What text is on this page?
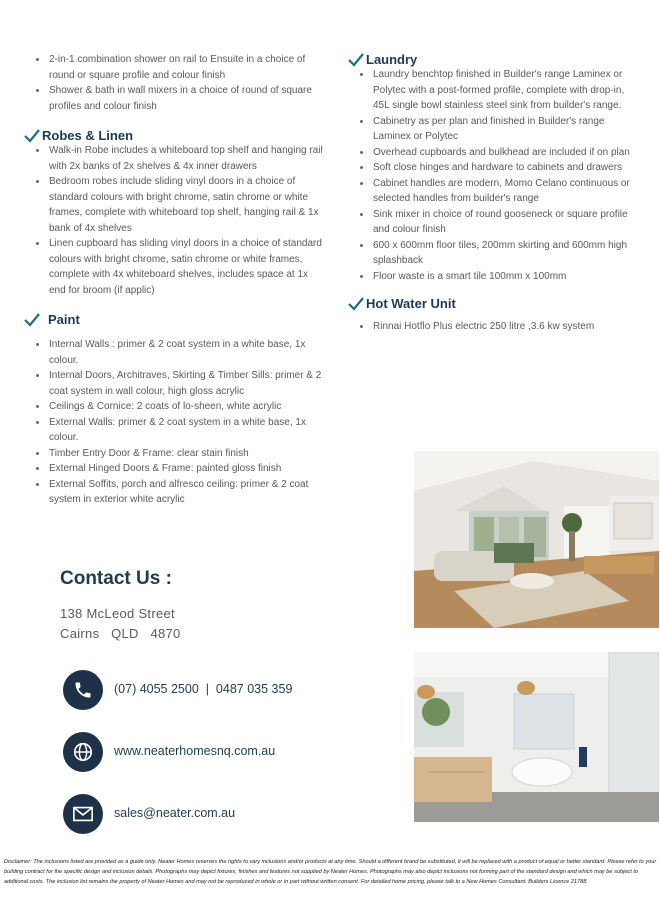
2-in-1 combination shower on rail to Ensuite in a choice of round or square profile and colour finish
Shower & bath in wall mixers in a choice of round of square profiles and colour finish
Robes & Linen
Walk-in Robe includes a whiteboard top shelf and hanging rail with 2x banks of 2x shelves & 4x inner drawers
Bedroom robes include sliding vinyl doors in a choice of standard colours with bright chrome, satin chrome or white frames, complete with whiteboard top shelf, hanging rail & 1x bank of 4x shelves
Linen cupboard has sliding vinyl doors in a choice of standard colours with bright chrome, satin chrome or white frames, complete with 4x whiteboard shelves, includes space at 1x end for broom (if applic)
Paint
Internal Walls : primer & 2 coat system in a white base, 1x colour.
Internal Doors, Architraves, Skirting & Timber Sills: primer & 2 coat system in wall colour, high gloss acrylic
Ceilings & Cornice: 2 coats of lo-sheen, white acrylic
External Walls: primer & 2 coat system in a white base, 1x colour.
Timber Entry Door & Frame: clear stain finish
External Hinged Doors & Frame: painted gloss finish
External Soffits, porch and alfresco ceiling: primer & 2 coat system in exterior white acrylic
Laundry
Laundry benchtop finished in Builder's range Laminex or Polytec with a post-formed profile, complete with drop-in, 45L single bowl stainless steel sink from builder's range.
Cabinetry as per plan and finished in Builder's range Laminex or Polytec
Overhead cupboards and bulkhead are included if on plan
Soft close hinges and hardware to cabinets and drawers
Cabinet handles are modern, Momo Celano continuous or selected handles from builder's range
Sink mixer in choice of round gooseneck or square profile and colour finish
600 x 600mm floor tiles, 200mm skirting and 600mm high splashback
Floor waste is a smart tile 100mm x 100mm
Hot Water Unit
Rinnai Hotflo Plus electric 250 litre ,3.6 kw system
Contact Us :
138 McLeod Street
Cairns   QLD   4870
(07) 4055 2500  |  0487 035 359
www.neaterhomesnq.com.au
sales@neater.com.au
Disclaimer: The inclusions listed are provided as a guide only. Neater Homes reserves the rights to vary inclusions and/or products at any time. Should a different brand be substituted, it will be replaced with a product of equal or better standard. Please refer to your building contract for the specific design and inclusion details. Photographs may depict fixtures, finishes and features not supplied by Neater Homes. Photographs may also depict inclusions not forming part of the standard design and which may be subject to additional costs. The inclusion list remains the property of Neater Homes and may not be reproduced in whole or in part without written consent. For detailed home pricing, please talk to a New Homes Consultant. Builders Licence 21788.
